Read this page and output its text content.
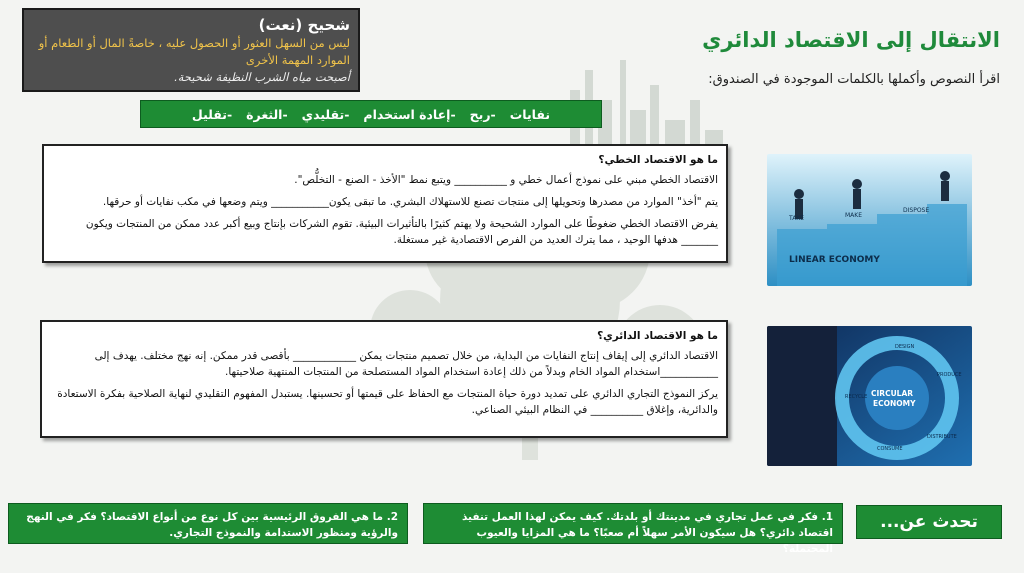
الانتقال إلى الاقتصاد الدائري
اقرأ النصوص وأكملها بالكلمات الموجودة في الصندوق:
شحيح (نعت)
ليس من السهل العثور أو الحصول عليه ، خاصةً المال أو الطعام أو الموارد المهمة الأخرى
أصبحت مياه الشرب النظيفة شحيحة.
نفايات
-ربح
-إعادة استخدام
-تقليدي
-الثغرة
-تقليل
ما هو الاقتصاد الخطي؟

الاقتصاد الخطي مبني على نموذج أعمال خطي و __________ ويتبع نمط "الأخذ - الصنع - التخلُّص".

يتم "أخذ" الموارد من مصدرها وتحويلها إلى منتجات تصنع للاستهلاك البشري. ما تبقى يكون___________ ويتم وضعها في مكب نفايات أو حرقها.

يفرض الاقتصاد الخطي ضغوطًا على الموارد الشحيحة ولا يهتم كثيرًا بالتأثيرات البيئية. تقوم الشركات بإنتاج وبيع أكبر عدد ممكن من المنتجات ويكون _______ هدفها الوحيد ، مما يترك العديد من الفرص الاقتصادية غير مستغلة.

ما هو الاقتصاد الدائري؟

الاقتصاد الدائري إلى إيقاف إنتاج النفايات من البداية، من خلال تصميم منتجات يمكن ____________ بأقصى قدر ممكن. إنه نهج مختلف. يهدف إلى ___________استخدام المواد الخام وبدلاً من ذلك إعادة استخدام المواد المستصلحة من المنتجات المنتهية صلاحيتها.

يركز النموذج التجاري الدائري على تمديد دورة حياة المنتجات مع الحفاظ على قيمتها أو تحسينها. يستبدل المفهوم التقليدي لنهاية الصلاحية بفكرة الاستعادة والدائرية، وإغلاق __________ في النظام البيئي الصناعي.

TAKE	MAKE
DISPOSE
LINEAR ECONOMY
CIRCULAR
ECONOMY
DESIGN
PRODUCE
DISTRIBUTE
CONSUME
RECYCLE
تحدث عن...
1. فكر في عمل تجاري في مدينتك أو بلدتك. كيف يمكن لهذا العمل تنفيذ اقتصاد دائري؟ هل سيكون الأمر سهلاً أم صعبًا؟ ما هي المزايا والعيوب المحتملة؟
2. ما هي الفروق الرئيسية بين كل نوع من أنواع الاقتصاد؟ فكر في النهج والرؤية ومنظور الاستدامة والنموذج التجاري.
